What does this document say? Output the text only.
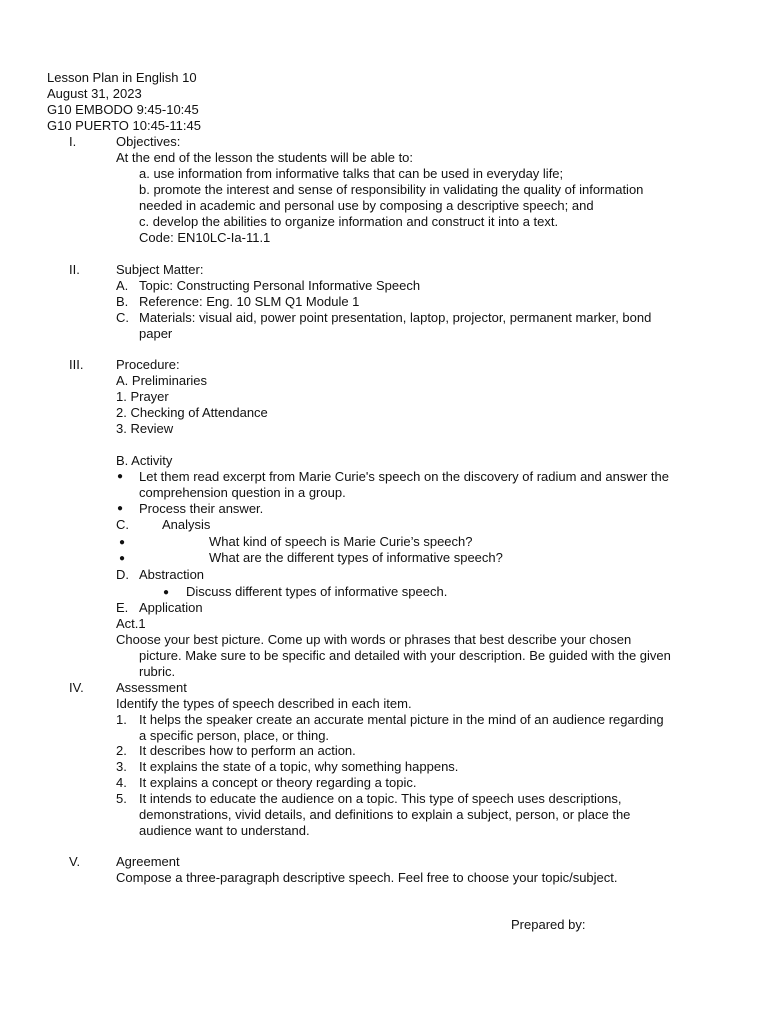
Lesson Plan in English 10
August 31, 2023
G10 EMBODO 9:45-10:45
G10 PUERTO 10:45-11:45
I.	Objectives:
At the end of the lesson the students will be able to:
a. use information from informative talks that can be used in everyday life;
b. promote the interest and sense of responsibility in validating the quality of information
needed in academic and personal use by composing a descriptive speech; and
c. develop the abilities to organize information and construct it into a text.
Code: EN10LC-Ia-11.1
II.	Subject Matter:
A. Topic: Constructing Personal Informative Speech
B. Reference: Eng. 10 SLM Q1 Module 1
C. Materials: visual aid, power point presentation, laptop, projector, permanent marker, bond
paper
III.	Procedure:
A. Preliminaries
1. Prayer
2. Checking of Attendance
3. Review
B. Activity
● Let them read excerpt from Marie Curie's speech on the discovery of radium and answer the
comprehension question in a group.
● Process their answer.
C.	Analysis
●	What kind of speech is Marie Curie’s speech?
●	What are the different types of informative speech?
D. Abstraction
● Discuss different types of informative speech.
E. Application
Act.1
Choose your best picture. Come up with words or phrases that best describe your chosen
picture. Make sure to be specific and detailed with your description. Be guided with the given
rubric.
IV. Assessment
Identify the types of speech described in each item.
1. It helps the speaker create an accurate mental picture in the mind of an audience regarding
a specific person, place, or thing.
2. It describes how to perform an action.
3. It explains the state of a topic, why something happens.
4. It explains a concept or theory regarding a topic.
5. It intends to educate the audience on a topic. This type of speech uses descriptions,
demonstrations, vivid details, and definitions to explain a subject, person, or place the
audience want to understand.
V.	Agreement
Compose a three-paragraph descriptive speech. Feel free to choose your topic/subject.
Prepared by:
